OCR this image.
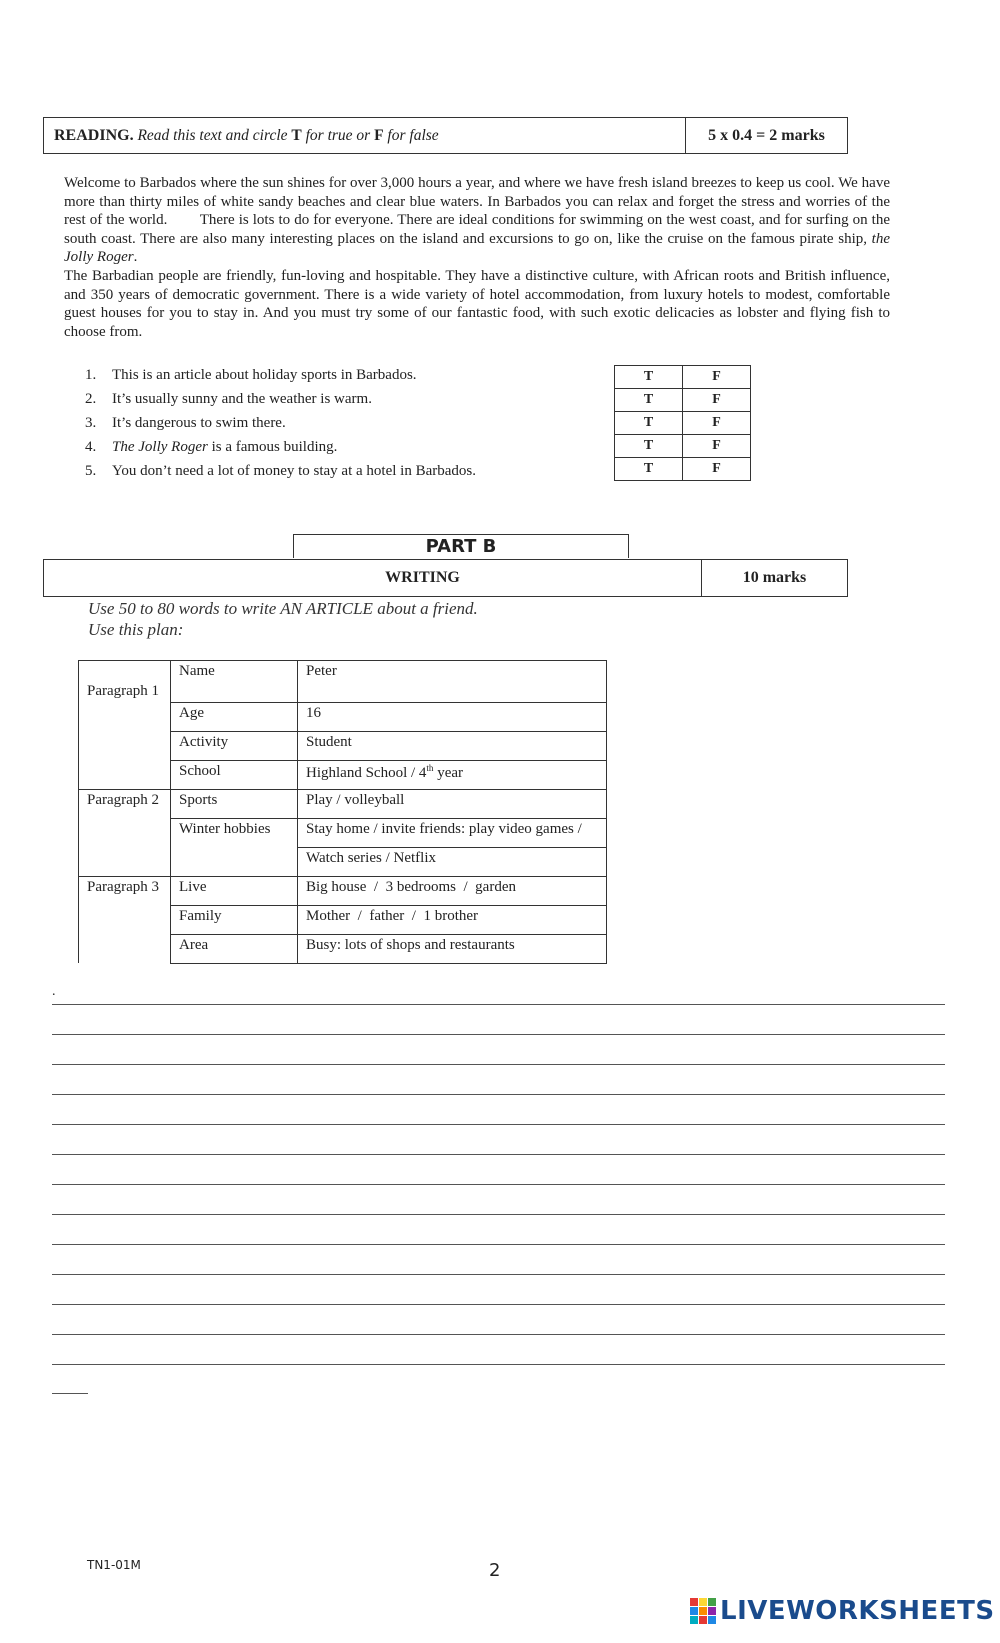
READING. Read this text and circle T for true or F for false	5 x 0.4 = 2 marks

Welcome to Barbados where the sun shines for over 3,000 hours a year, and where we have fresh island breezes to keep us cool. We have more than thirty miles of white sandy beaches and clear blue waters. In Barbados you can relax and forget the stress and worries of the rest of the world.        There is lots to do for everyone. There are ideal conditions for swimming on the west coast, and for surfing on the south coast. There are also many interesting places on the island and excursions to go on, like the cruise on the famous pirate ship, the Jolly Roger.

The Barbadian people are friendly, fun-loving and hospitable. They have a distinctive culture, with African roots and British influence, and 350 years of democratic government. There is a wide variety of hotel accommodation, from luxury hotels to modest, comfortable guest houses for you to stay in. And you must try some of our fantastic food, with such exotic delicacies as lobster and flying fish to choose from.

1.	This is an article about holiday sports in Barbados.
2.	It’s usually sunny and the weather is warm.
3.	It’s dangerous to swim there.
4.	The Jolly Roger is a famous building.
5.	You don’t need a lot of money to stay at a hotel in Barbados.
T	F
T	F
T	F
T	F
T	F
PART B
WRITING	10 marks
Use 50 to 80 words to write AN ARTICLE about a friend.
Use this plan:
Paragraph 1	Name	Peter
	Age	16
	Activity	Student
	School	Highland School / 4th year
Paragraph 2	Sports	Play / volleyball
	Winter hobbies	Stay home / invite friends: play video games /
		Watch series / Netflix
Paragraph 3	Live	Big house  /  3 bedrooms  /  garden
	Family	Mother  /  father  /  1 brother
	Area	Busy: lots of shops and restaurants
.
TN1-01M	2
LIVEWORKSHEETS
